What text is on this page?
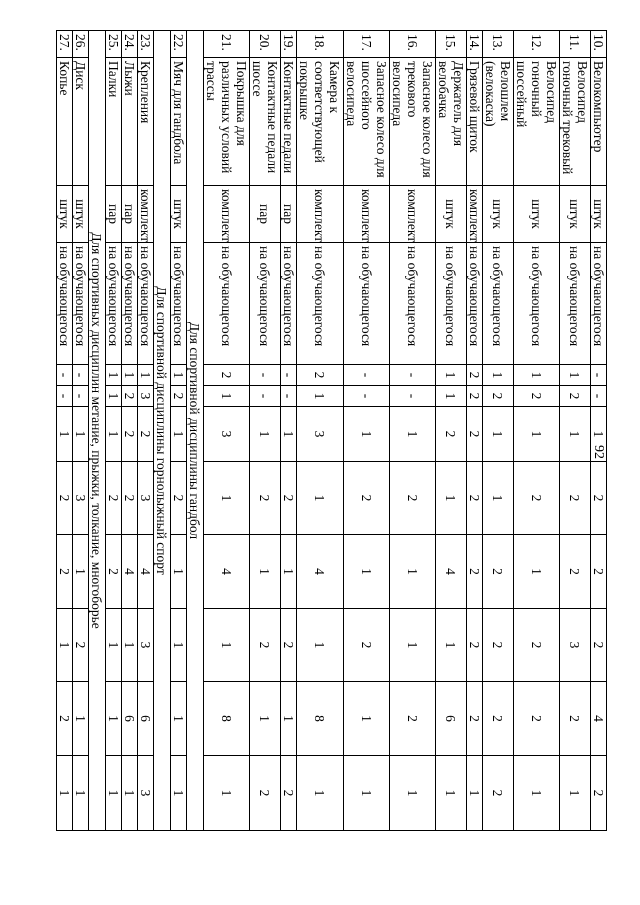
92
10.	Велокомпьютер	штук	на обучающегося	-	-	1	2	2	2	4	2
11.	Велосипед гоночный трековый	штук	на обучающегося	1	2	1	2	2	3	2	1
12.	Велосипед гоночный шоссейный	штук	на обучающегося	1	2	1	2	1	2	2	1
13.	Велошлем (велокаска)	штук	на обучающегося	1	2	1	1	2	2	2	2
14.	Грязевой щиток	комплект	на обучающегося	2	2	2	2	2	2	2	1
15.	Держатель для велобачка	штук	на обучающегося	1	1	2	1	4	1	6	1
16.	Запасное колесо для трекового велосипеда	комплект	на обучающегося	-	-	1	2	1	1	2	1
17.	Запасное колесо для шоссейного велосипеда	комплект	на обучающегося	-	-	1	2	1	2	1	1
18.	Камера к соответствующей покрышке	комплект	на обучающегося	2	1	3	1	4	1	8	1
19.	Контактные педали	пар	на обучающегося	-	-	1	2	1	2	1	2
20.	Контактные педали шоссе	пар	на обучающегося	-	-	1	2	1	2	1	2
21.	Покрышка для различных условий трассы	комплект	на обучающегося	2	1	3	1	4	1	8	1
Для спортивной дисциплины гандбол											
22.	Мяч для гандбола	штук	на обучающегося	1	2	1	2	1	1	1	1
Для спортивной дисциплины горнолыжный спорт											
23.	Крепления	комплект	на обучающегося	1	3	2	3	4	3	6	3
24.	Лыжи	пар	на обучающегося	1	2	2	2	4	1	6	1
25.	Палки	пар	на обучающегося	1	1	1	2	2	1	1	1
Для спортивных дисциплин метание, прыжки, толкание, многоборье											
26.	Диск	штук	на обучающегося	-	-	1	3	1	2	1	1
27.	Копье	штук	на обучающегося	-	-	1	2	2	1	2	1
